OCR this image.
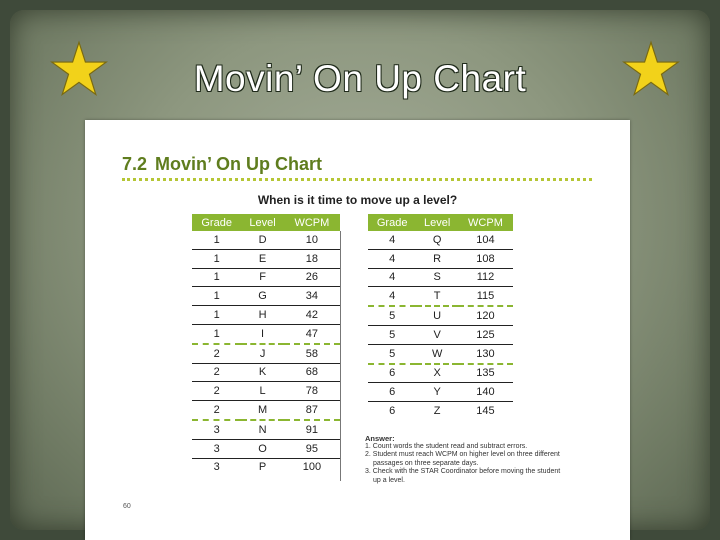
Movin’ On Up Chart
7.2 Movin’ On Up Chart
When is it time to move up a level?
Grade	Level	WCPM
1	D	10
1	E	18
1	F	26
1	G	34
1	H	42
1	I	47
2	J	58
2	K	68
2	L	78
2	M	87
3	N	91
3	O	95
3	P	100
Grade	Level	WCPM
4	Q	104
4	R	108
4	S	112
4	T	115
5	U	120
5	V	125
5	W	130
6	X	135
6	Y	140
6	Z	145
Answer:
1. Count words the student read and subtract errors.
2. Student must reach WCPM on higher level on three different passages on three separate days.
3. Check with the STAR Coordinator before moving the student up a level.
60
